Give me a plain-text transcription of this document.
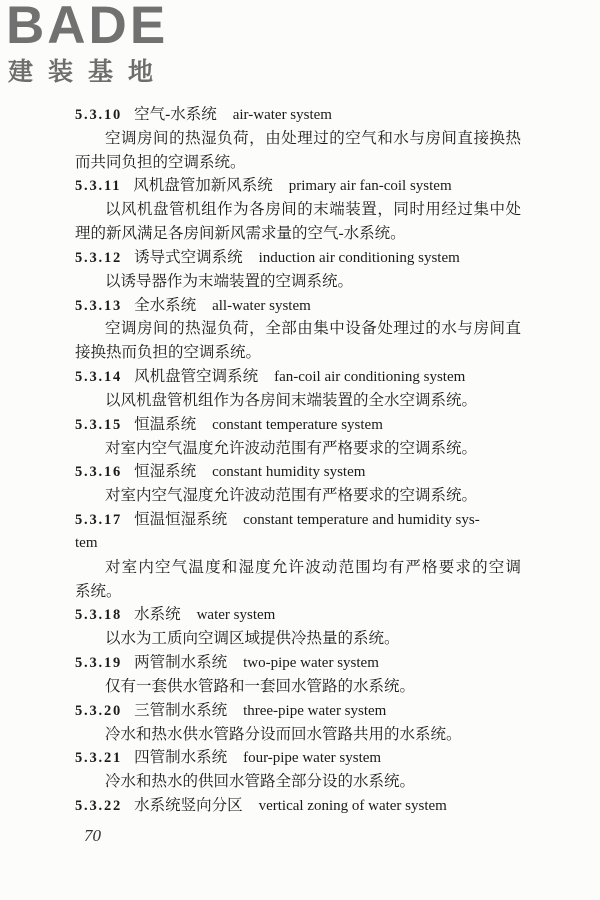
BADE
建装基地
5.3.10 空气-水系统 air-water system
空调房间的热湿负荷，由处理过的空气和水与房间直接换热
而共同负担的空调系统。
5.3.11 风机盘管加新风系统 primary air fan-coil system
以风机盘管机组作为各房间的末端装置，同时用经过集中处
理的新风满足各房间新风需求量的空气-水系统。
5.3.12 诱导式空调系统 induction air conditioning system
以诱导器作为末端装置的空调系统。
5.3.13 全水系统 all-water system
空调房间的热湿负荷，全部由集中设备处理过的水与房间直
接换热而负担的空调系统。
5.3.14 风机盘管空调系统 fan-coil air conditioning system
以风机盘管机组作为各房间末端装置的全水空调系统。
5.3.15 恒温系统 constant temperature system
对室内空气温度允许波动范围有严格要求的空调系统。
5.3.16 恒湿系统 constant humidity system
对室内空气湿度允许波动范围有严格要求的空调系统。
5.3.17 恒温恒湿系统 constant temperature and humidity sys-
tem
对室内空气温度和湿度允许波动范围均有严格要求的空调
系统。
5.3.18 水系统 water system
以水为工质向空调区域提供冷热量的系统。
5.3.19 两管制水系统 two-pipe water system
仅有一套供水管路和一套回水管路的水系统。
5.3.20 三管制水系统 three-pipe water system
冷水和热水供水管路分设而回水管路共用的水系统。
5.3.21 四管制水系统 four-pipe water system
冷水和热水的供回水管路全部分设的水系统。
5.3.22 水系统竖向分区 vertical zoning of water system
70
